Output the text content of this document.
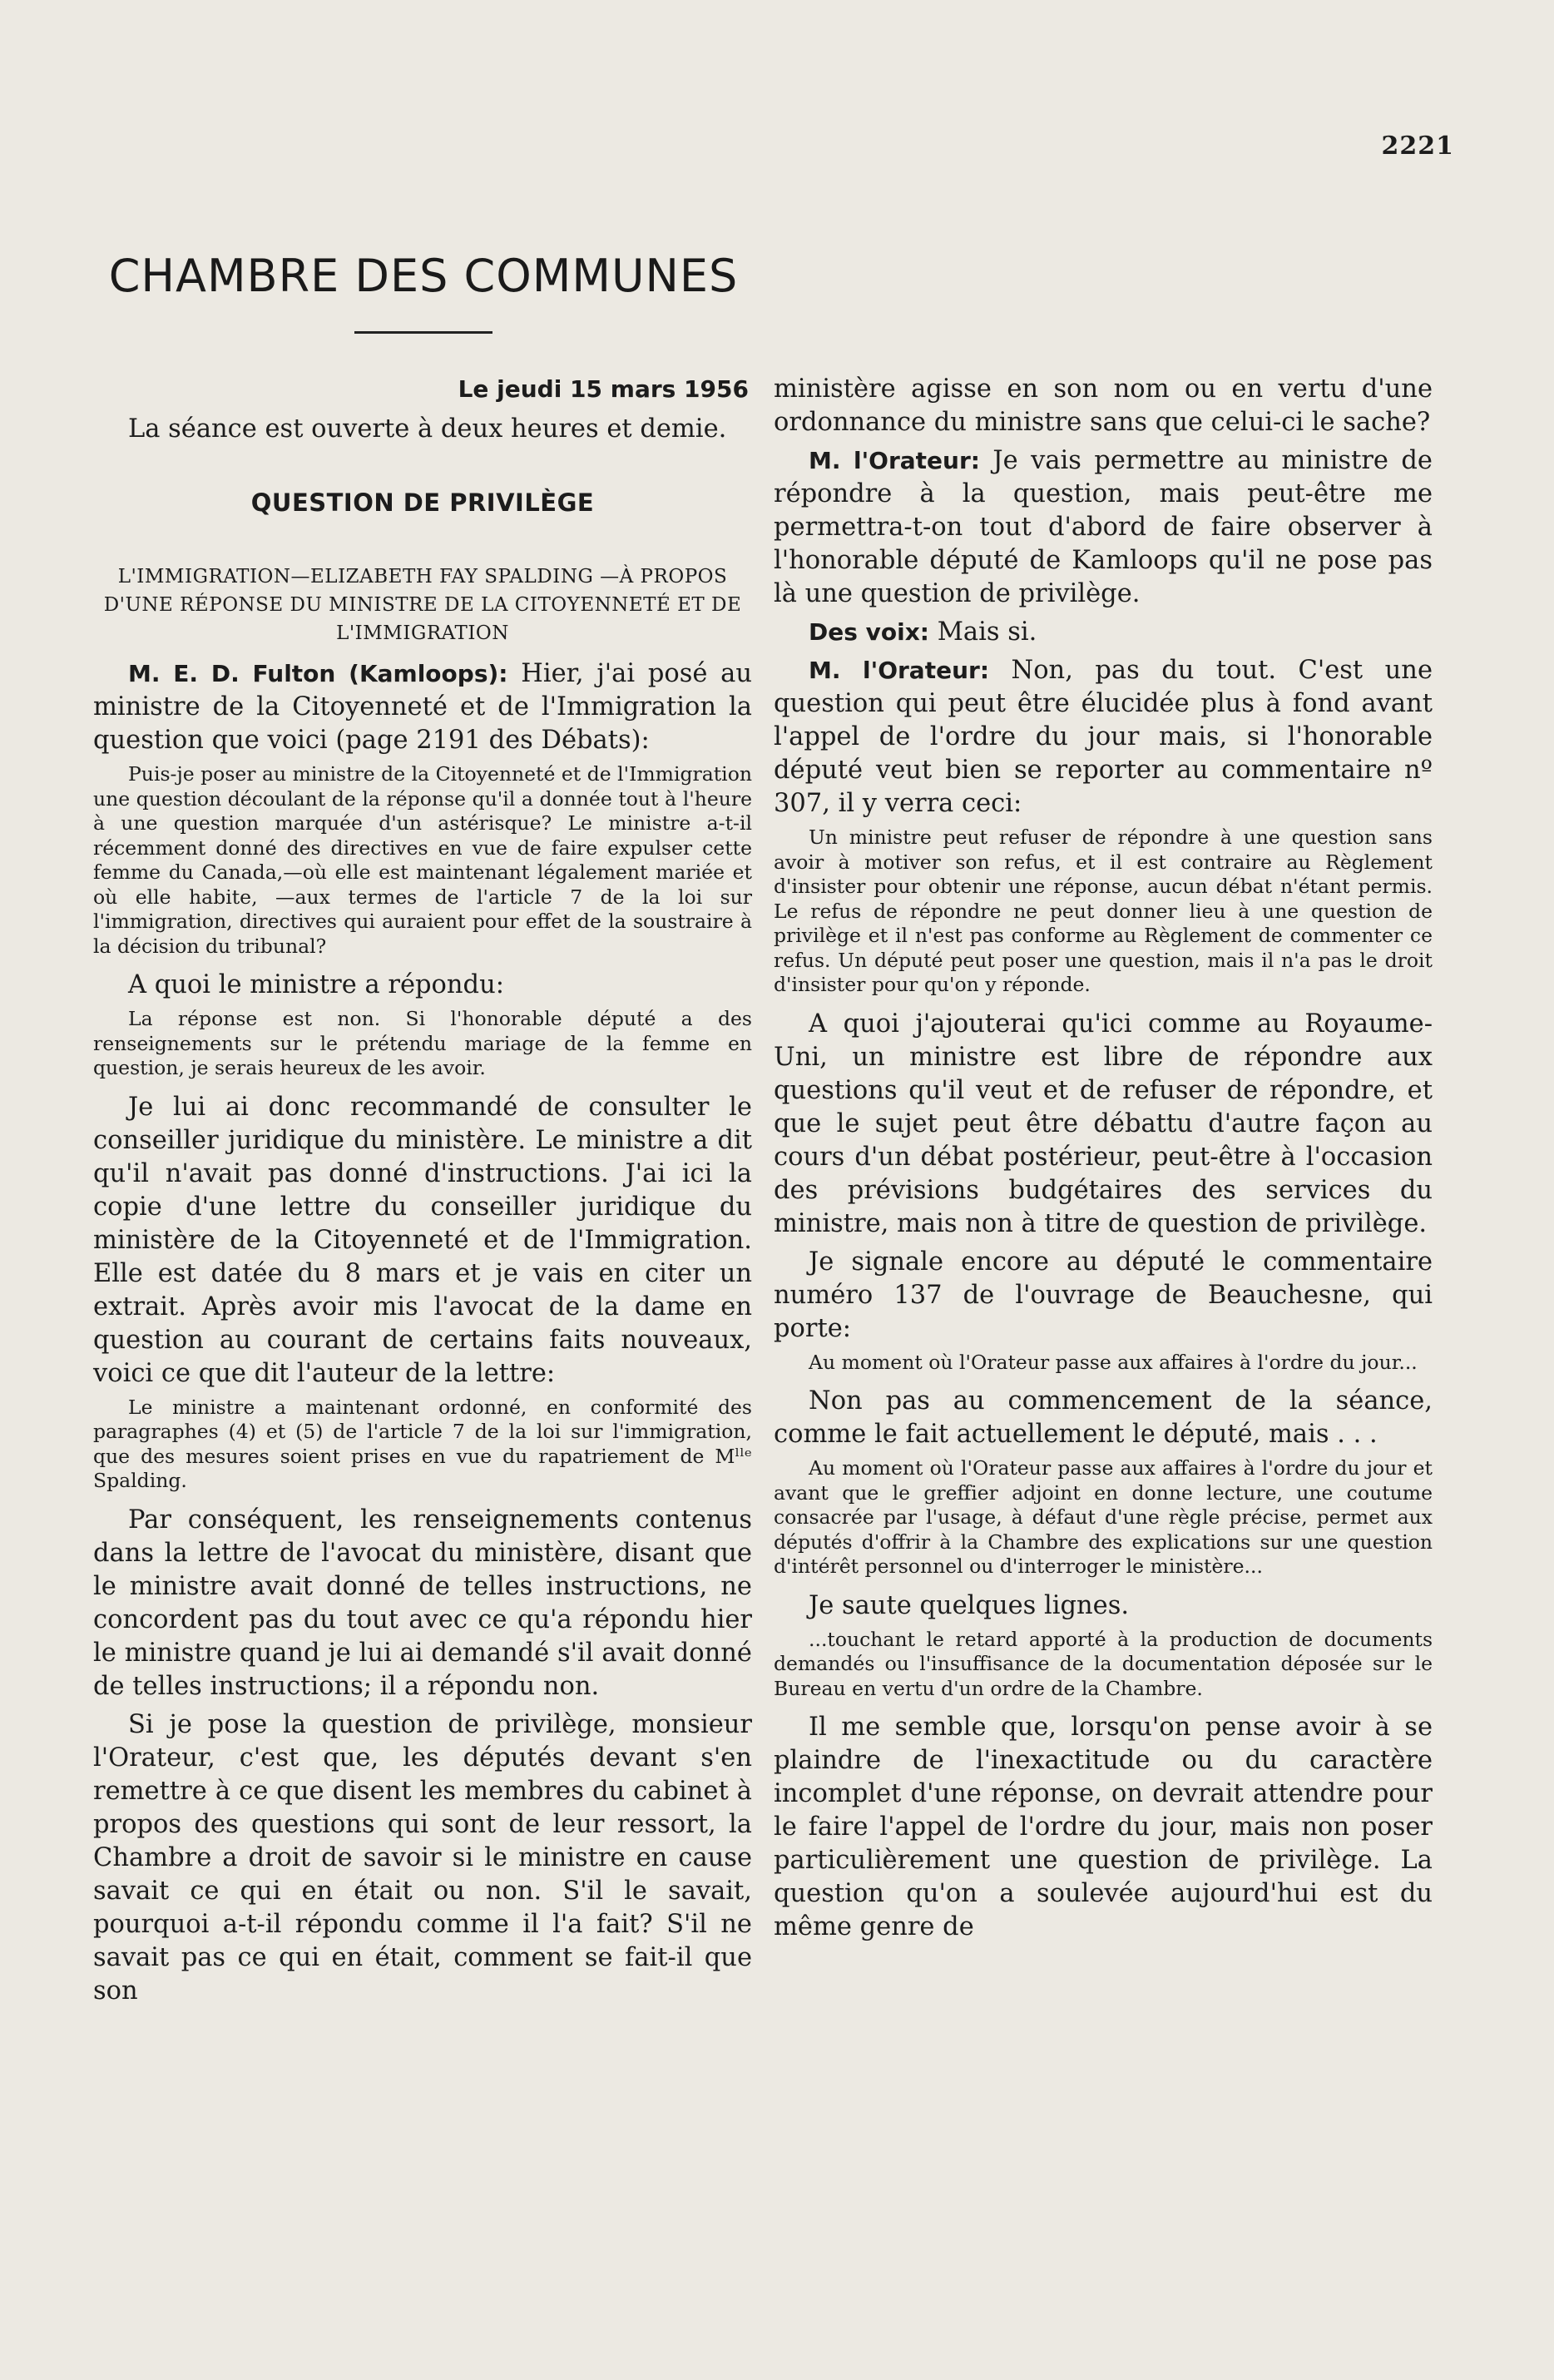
2221
CHAMBRE DES COMMUNES

Le jeudi 15 mars 1956

La séance est ouverte à deux heures et demie.

QUESTION DE PRIVILÈGE
L'IMMIGRATION—ELIZABETH FAY SPALDING —À PROPOS D'UNE RÉPONSE DU MINISTRE DE LA CITOYENNETÉ ET DE L'IMMIGRATION

M. E. D. Fulton (Kamloops): Hier, j'ai posé au ministre de la Citoyenneté et de l'Immigration la question que voici (page 2191 des Débats):

Puis-je poser au ministre de la Citoyenneté et de l'Immigration une question découlant de la réponse qu'il a donnée tout à l'heure à une question marquée d'un astérisque? Le ministre a-t-il récemment donné des directives en vue de faire expulser cette femme du Canada,—où elle est maintenant légalement mariée et où elle habite, —aux termes de l'article 7 de la loi sur l'immigration, directives qui auraient pour effet de la soustraire à la décision du tribunal?

A quoi le ministre a répondu:

La réponse est non. Si l'honorable député a des renseignements sur le prétendu mariage de la femme en question, je serais heureux de les avoir.

Je lui ai donc recommandé de consulter le conseiller juridique du ministère. Le ministre a dit qu'il n'avait pas donné d'instructions. J'ai ici la copie d'une lettre du conseiller juridique du ministère de la Citoyenneté et de l'Immigration. Elle est datée du 8 mars et je vais en citer un extrait. Après avoir mis l'avocat de la dame en question au courant de certains faits nouveaux, voici ce que dit l'auteur de la lettre:

Le ministre a maintenant ordonné, en conformité des paragraphes (4) et (5) de l'article 7 de la loi sur l'immigration, que des mesures soient prises en vue du rapatriement de Mˡˡᵉ Spalding.

Par conséquent, les renseignements contenus dans la lettre de l'avocat du ministère, disant que le ministre avait donné de telles instructions, ne concordent pas du tout avec ce qu'a répondu hier le ministre quand je lui ai demandé s'il avait donné de telles instructions; il a répondu non.

Si je pose la question de privilège, monsieur l'Orateur, c'est que, les députés devant s'en remettre à ce que disent les membres du cabinet à propos des questions qui sont de leur ressort, la Chambre a droit de savoir si le ministre en cause savait ce qui en était ou non. S'il le savait, pourquoi a-t-il répondu comme il l'a fait? S'il ne savait pas ce qui en était, comment se fait-il que son

ministère agisse en son nom ou en vertu d'une ordonnance du ministre sans que celui-ci le sache?

M. l'Orateur: Je vais permettre au ministre de répondre à la question, mais peut-être me permettra-t-on tout d'abord de faire observer à l'honorable député de Kamloops qu'il ne pose pas là une question de privilège.

Des voix: Mais si.

M. l'Orateur: Non, pas du tout. C'est une question qui peut être élucidée plus à fond avant l'appel de l'ordre du jour mais, si l'honorable député veut bien se reporter au commentaire nº 307, il y verra ceci:

Un ministre peut refuser de répondre à une question sans avoir à motiver son refus, et il est contraire au Règlement d'insister pour obtenir une réponse, aucun débat n'étant permis. Le refus de répondre ne peut donner lieu à une question de privilège et il n'est pas conforme au Règlement de commenter ce refus. Un député peut poser une question, mais il n'a pas le droit d'insister pour qu'on y réponde.

A quoi j'ajouterai qu'ici comme au Royaume-Uni, un ministre est libre de répondre aux questions qu'il veut et de refuser de répondre, et que le sujet peut être débattu d'autre façon au cours d'un débat postérieur, peut-être à l'occasion des prévisions budgétaires des services du ministre, mais non à titre de question de privilège.

Je signale encore au député le commentaire numéro 137 de l'ouvrage de Beauchesne, qui porte:

Au moment où l'Orateur passe aux affaires à l'ordre du jour...

Non pas au commencement de la séance, comme le fait actuellement le député, mais . . .

Au moment où l'Orateur passe aux affaires à l'ordre du jour et avant que le greffier adjoint en donne lecture, une coutume consacrée par l'usage, à défaut d'une règle précise, permet aux députés d'offrir à la Chambre des explications sur une question d'intérêt personnel ou d'interroger le ministère...

Je saute quelques lignes.

...touchant le retard apporté à la production de documents demandés ou l'insuffisance de la documentation déposée sur le Bureau en vertu d'un ordre de la Chambre.

Il me semble que, lorsqu'on pense avoir à se plaindre de l'inexactitude ou du caractère incomplet d'une réponse, on devrait attendre pour le faire l'appel de l'ordre du jour, mais non poser particulièrement une question de privilège. La question qu'on a soulevée aujourd'hui est du même genre de
